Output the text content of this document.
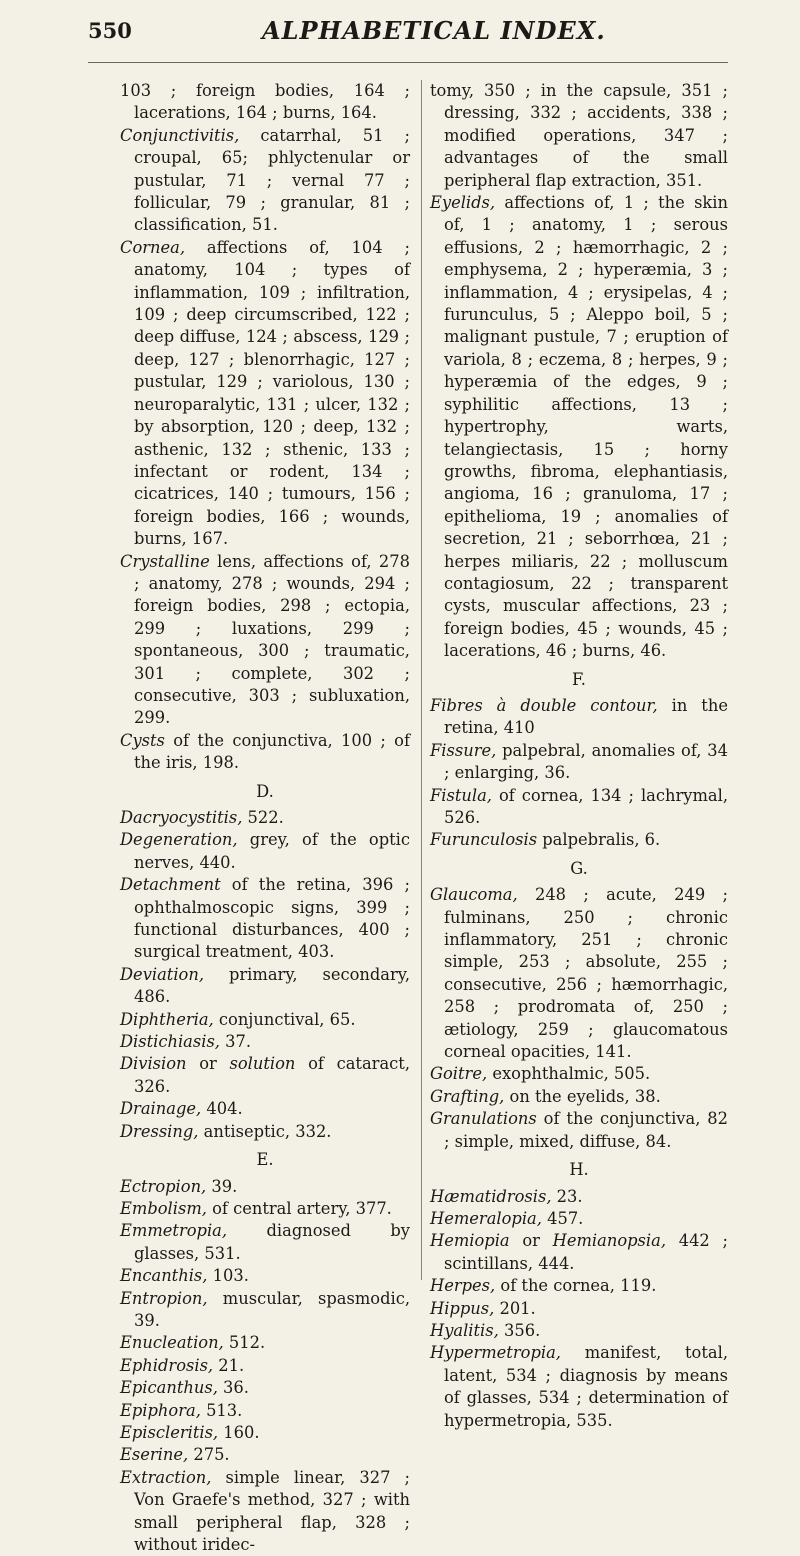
550	ALPHABETICAL INDEX.
103 ; foreign bodies, 164 ; lacerations, 164 ; burns, 164.
Conjunctivitis, catarrhal, 51 ; croupal, 65; phlyctenular or pustular, 71 ; vernal 77 ; follicular, 79 ; granular, 81 ; classification, 51.
Cornea, affections of, 104 ; anatomy, 104 ; types of inflammation, 109 ; infiltration, 109 ; deep circumscribed, 122 ; deep diffuse, 124 ; abscess, 129 ; deep, 127 ; blenorrhagic, 127 ; pustular, 129 ; variolous, 130 ; neuroparalytic, 131 ; ulcer, 132 ; by absorption, 120 ; deep, 132 ; asthenic, 132 ; sthenic, 133 ; infectant or rodent, 134 ; cicatrices, 140 ; tumours, 156 ; foreign bodies, 166 ; wounds, burns, 167.
Crystalline lens, affections of, 278 ; anatomy, 278 ; wounds, 294 ; foreign bodies, 298 ; ectopia, 299 ; luxations, 299 ; spontaneous, 300 ; traumatic, 301 ; complete, 302 ; consecutive, 303 ; subluxation, 299.
Cysts of the conjunctiva, 100 ; of the iris, 198.
D.
Dacryocystitis, 522.
Degeneration, grey, of the optic nerves, 440.
Detachment of the retina, 396 ; ophthalmoscopic signs, 399 ; functional disturbances, 400 ; surgical treatment, 403.
Deviation, primary, secondary, 486.
Diphtheria, conjunctival, 65.
Distichiasis, 37.
Division or solution of cataract, 326.
Drainage, 404.
Dressing, antiseptic, 332.
E.
Ectropion, 39.
Embolism, of central artery, 377.
Emmetropia, diagnosed by glasses, 531.
Encanthis, 103.
Entropion, muscular, spasmodic, 39.
Enucleation, 512.
Ephidrosis, 21.
Epicanthus, 36.
Epiphora, 513.
Episcleritis, 160.
Eserine, 275.
Extraction, simple linear, 327 ; Von Graefe's method, 327 ; with small peripheral flap, 328 ; without iridec-
tomy, 350 ; in the capsule, 351 ; dressing, 332 ; accidents, 338 ; modified operations, 347 ; advantages of the small peripheral flap extraction, 351.
Eyelids, affections of, 1 ; the skin of, 1 ; anatomy, 1 ; serous effusions, 2 ; hæmorrhagic, 2 ; emphysema, 2 ; hyperæmia, 3 ; inflammation, 4 ; erysipelas, 4 ; furunculus, 5 ; Aleppo boil, 5 ; malignant pustule, 7 ; eruption of variola, 8 ; eczema, 8 ; herpes, 9 ; hyperæmia of the edges, 9 ; syphilitic affections, 13 ; hypertrophy, warts, telangiectasis, 15 ; horny growths, fibroma, elephantiasis, angioma, 16 ; granuloma, 17 ; epithelioma, 19 ; anomalies of secretion, 21 ; seborrhœa, 21 ; herpes miliaris, 22 ; molluscum contagiosum, 22 ; transparent cysts, muscular affections, 23 ; foreign bodies, 45 ; wounds, 45 ; lacerations, 46 ; burns, 46.
F.
Fibres à double contour, in the retina, 410
Fissure, palpebral, anomalies of, 34 ; enlarging, 36.
Fistula, of cornea, 134 ; lachrymal, 526.
Furunculosis palpebralis, 6.
G.
Glaucoma, 248 ; acute, 249 ; fulminans, 250 ; chronic inflammatory, 251 ; chronic simple, 253 ; absolute, 255 ; consecutive, 256 ; hæmorrhagic, 258 ; prodromata of, 250 ; ætiology, 259 ; glaucomatous corneal opacities, 141.
Goitre, exophthalmic, 505.
Grafting, on the eyelids, 38.
Granulations of the conjunctiva, 82 ; simple, mixed, diffuse, 84.
H.
Hæmatidrosis, 23.
Hemeralopia, 457.
Hemiopia or Hemianopsia, 442 ; scintillans, 444.
Herpes, of the cornea, 119.
Hippus, 201.
Hyalitis, 356.
Hypermetropia, manifest, total, latent, 534 ; diagnosis by means of glasses, 534 ; determination of hypermetropia, 535.
